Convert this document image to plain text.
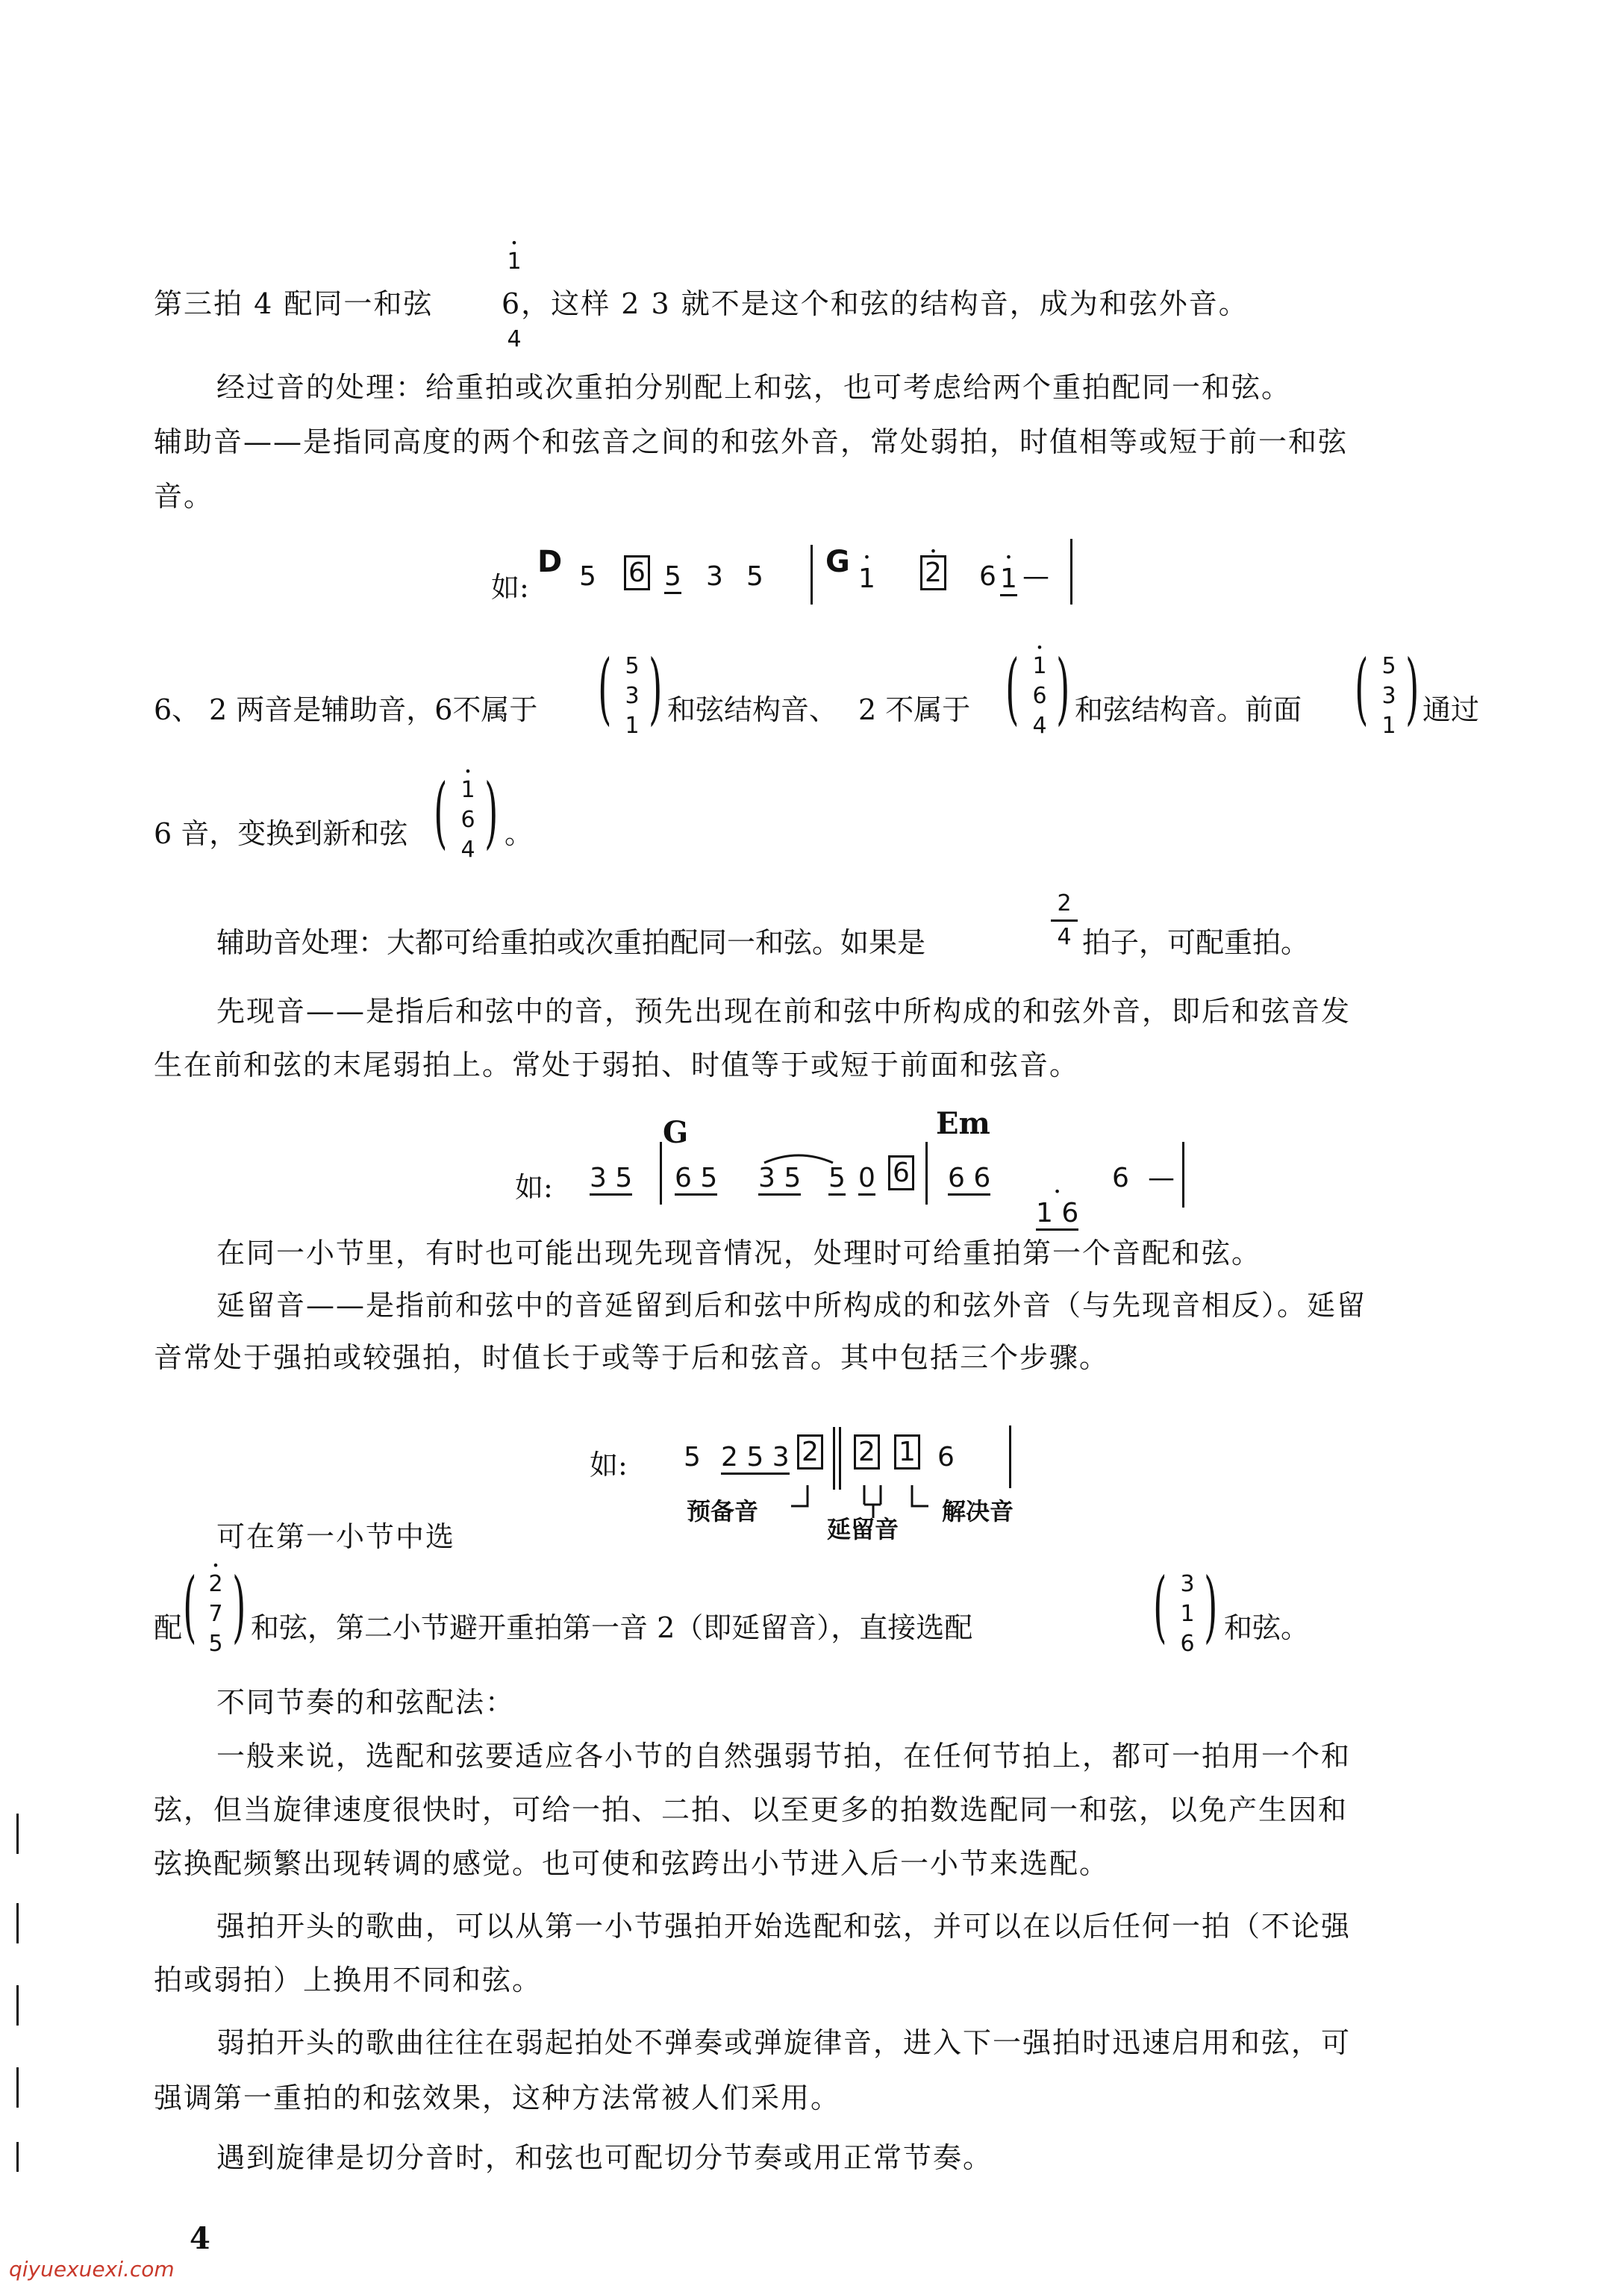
第三拍 4 配同一和弦
• 1
6，这样 2 3 就不是这个和弦的结构音，成为和弦外音。
4
经过音的处理：给重拍或次重拍分别配上和弦，也可考虑给两个重拍配同一和弦。
辅助音——是指同高度的两个和弦音之间的和弦外音，常处弱拍，时值相等或短于前一和弦
音。
如:
D 5 6 5 3 5 G • 1 • 2 • 1
6 —
6、 2 两音是辅助音，6不属于 ( 5
3
1 ) 和弦结构音、 2 不属于 ( • 1
6
4 ) 和弦结构音。前面 ( 5
3
1 ) 通过
6 音，变换到新和弦 ( • 1
6
4 ) 。
辅助音处理：大都可给重拍或次重拍配同一和弦。如果是
2
4 拍子，可配重拍。
先现音——是指后和弦中的音，预先出现在前和弦中所构成的和弦外音，即后和弦音发
生在前和弦的末尾弱拍上。常处于弱拍、时值等于或短于前面和弦音。
如:
G	Em
3 5 6 5 3 5 5 0 6 6 6
• 1 6
6 —
在同一小节里，有时也可能出现先现音情况，处理时可给重拍第一个音配和弦。
延留音——是指前和弦中的音延留到后和弦中所构成的和弦外音（与先现音相反）。延留
音常处于强拍或较强拍，时值长于或等于后和弦音。其中包括三个步骤。
如: 5 2 5 3 2 2 1 6
预备音
延留音
解决音
可在第一小节中选
配 ( • 2
7
5 ) 和弦，第二小节避开重拍第一音 2（即延留音），直接选配 ( 3
1
6 ) 和弦。
不同节奏的和弦配法：
一般来说，选配和弦要适应各小节的自然强弱节拍，在任何节拍上，都可一拍用一个和
弦，但当旋律速度很快时，可给一拍、二拍、以至更多的拍数选配同一和弦，以免产生因和
弦换配频繁出现转调的感觉。也可使和弦跨出小节进入后一小节来选配。
强拍开头的歌曲，可以从第一小节强拍开始选配和弦，并可以在以后任何一拍（不论强
拍或弱拍）上换用不同和弦。
弱拍开头的歌曲往往在弱起拍处不弹奏或弹旋律音，进入下一强拍时迅速启用和弦，可
强调第一重拍的和弦效果，这种方法常被人们采用。
遇到旋律是切分音时，和弦也可配切分节奏或用正常节奏。
4
qiyuexuexi.com
